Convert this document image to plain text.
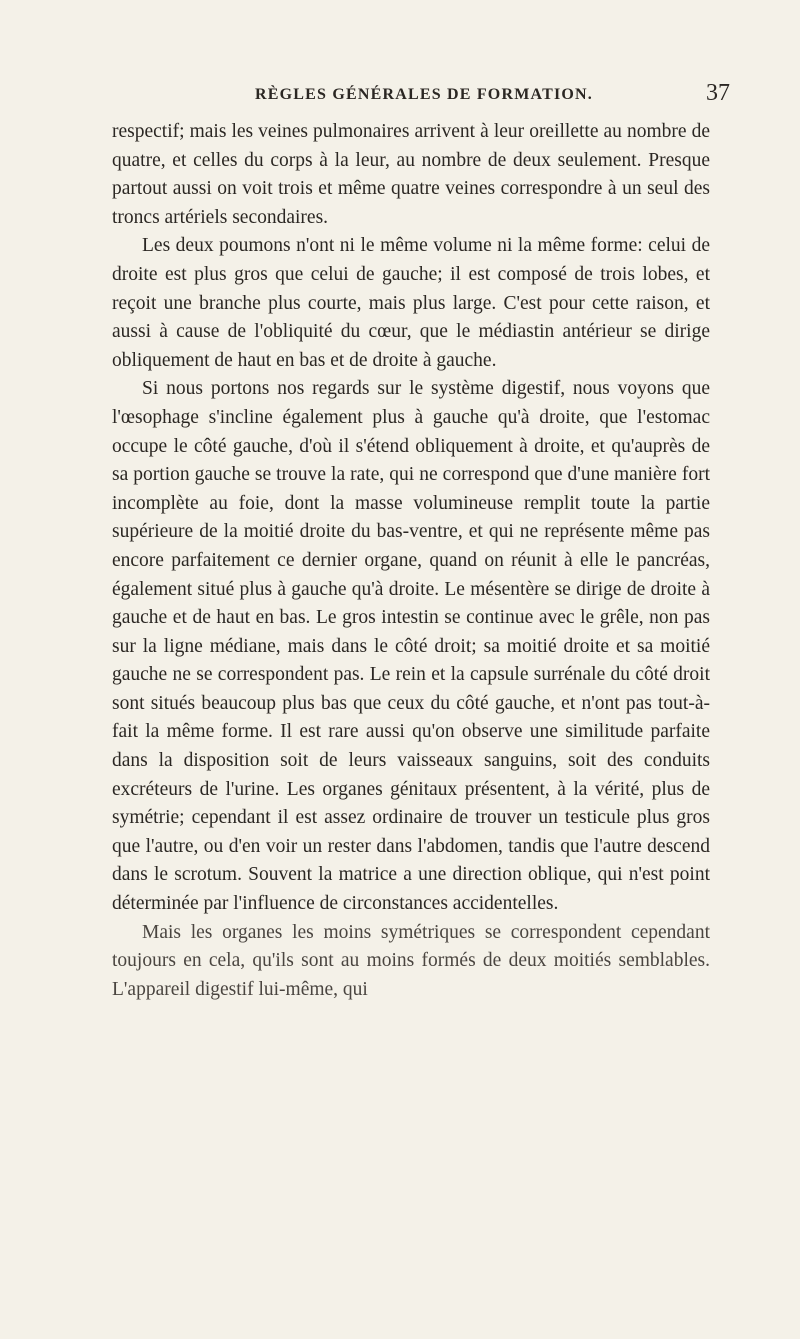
RÈGLES GÉNÉRALES DE FORMATION.	37

respectif; mais les veines pulmonaires arrivent à leur oreillette au nombre de quatre, et celles du corps à la leur, au nombre de deux seulement. Presque partout aussi on voit trois et même quatre veines correspondre à un seul des troncs artériels secondaires.

Les deux poumons n'ont ni le même volume ni la même forme: celui de droite est plus gros que celui de gauche; il est composé de trois lobes, et reçoit une branche plus courte, mais plus large. C'est pour cette raison, et aussi à cause de l'obliquité du cœur, que le médiastin antérieur se dirige obliquement de haut en bas et de droite à gauche.

Si nous portons nos regards sur le système digestif, nous voyons que l'œsophage s'incline également plus à gauche qu'à droite, que l'estomac occupe le côté gauche, d'où il s'étend obliquement à droite, et qu'auprès de sa portion gauche se trouve la rate, qui ne correspond que d'une manière fort incomplète au foie, dont la masse volumineuse remplit toute la partie supérieure de la moitié droite du bas-ventre, et qui ne représente même pas encore parfaitement ce dernier organe, quand on réunit à elle le pancréas, également situé plus à gauche qu'à droite. Le mésentère se dirige de droite à gauche et de haut en bas. Le gros intestin se continue avec le grêle, non pas sur la ligne médiane, mais dans le côté droit; sa moitié droite et sa moitié gauche ne se correspondent pas. Le rein et la capsule surrénale du côté droit sont situés beaucoup plus bas que ceux du côté gauche, et n'ont pas tout-à-fait la même forme. Il est rare aussi qu'on observe une similitude parfaite dans la disposition soit de leurs vaisseaux sanguins, soit des conduits excréteurs de l'urine. Les organes génitaux présentent, à la vérité, plus de symétrie; cependant il est assez ordinaire de trouver un testicule plus gros que l'autre, ou d'en voir un rester dans l'abdomen, tandis que l'autre descend dans le scrotum. Souvent la matrice a une direction oblique, qui n'est point déterminée par l'influence de circonstances accidentelles.

Mais les organes les moins symétriques se correspondent cependant toujours en cela, qu'ils sont au moins formés de deux moitiés semblables. L'appareil digestif lui-même, qui
